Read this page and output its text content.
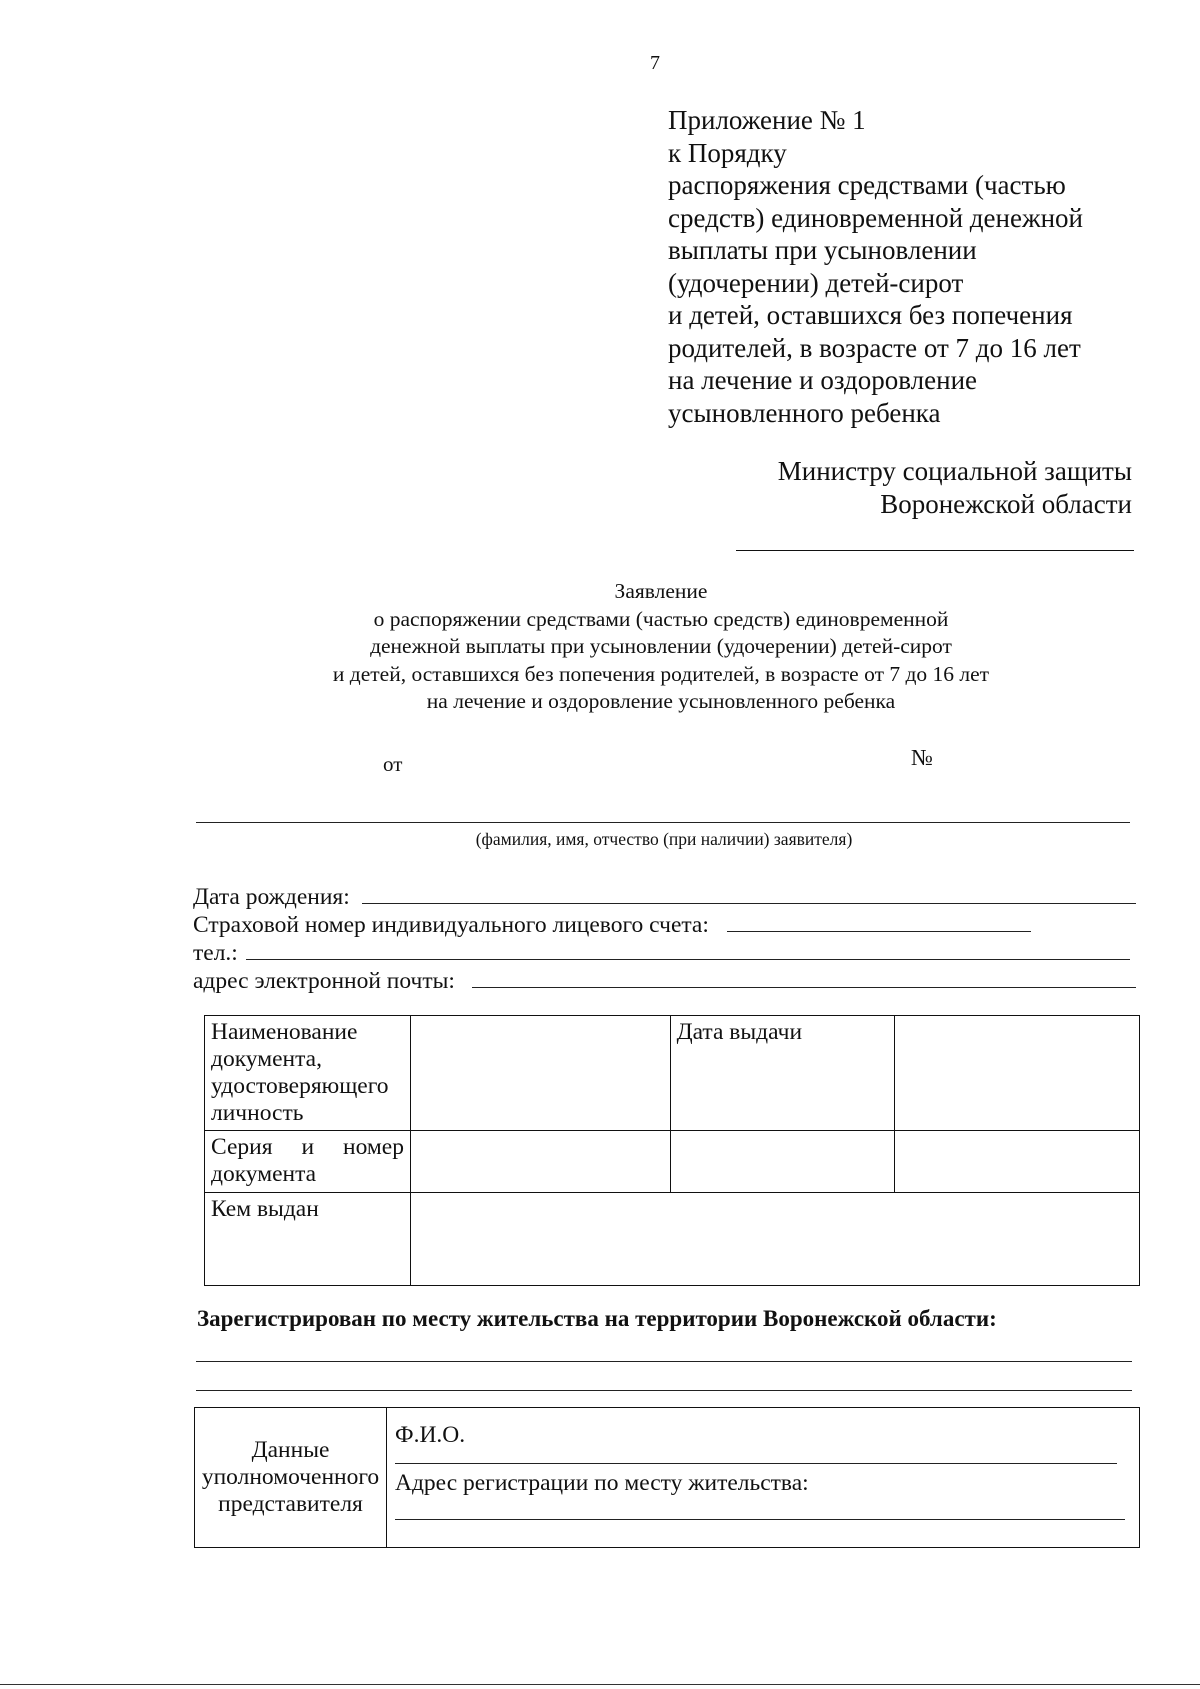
7
Приложение № 1
к Порядку
распоряжения средствами (частью
средств) единовременной денежной
выплаты при усыновлении
(удочерении) детей-сирот
и детей, оставшихся без попечения
родителей, в возрасте от 7 до 16 лет
на лечение и оздоровление
усыновленного ребенка
Министру социальной защиты
Воронежской области
Заявление
о распоряжении средствами (частью средств) единовременной
денежной выплаты при усыновлении (удочерении) детей-сирот
и детей, оставшихся без попечения родителей, в возрасте от 7 до 16 лет
на лечение и оздоровление усыновленного ребенка
от	№
(фамилия, имя, отчество (при наличии) заявителя)
Дата рождения:
Страховой номер индивидуального лицевого счета:
тел.:
адрес электронной почты:
Наименование документа, удостоверяющего личность		Дата выдачи	
Серия и номер документа			
Кем выдан			
Зарегистрирован по месту жительства на территории Воронежской области:
Данные уполномоченного представителя	
Ф.И.О.
Адрес регистрации по месту жительства:
